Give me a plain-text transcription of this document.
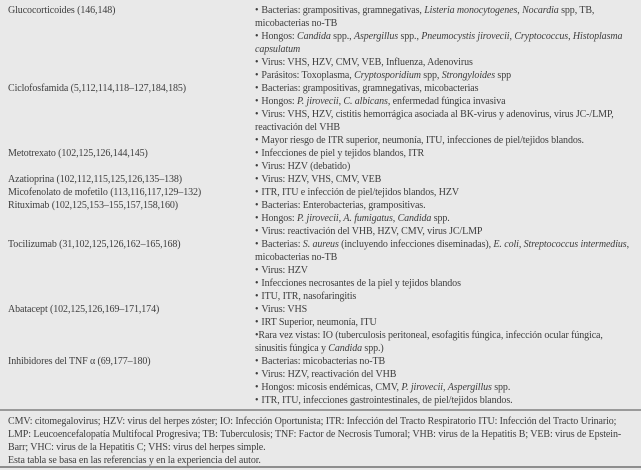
Glucocorticoides (146,148)	• Bacterias: grampositivas, gramnegativas, Listeria monocytogenes, Nocardia spp, TB, micobacterias no-TB
• Hongos: Candida spp., Aspergillus spp., Pneumocystis jirovecii, Cryptococcus, Histoplasma capsulatum
• Virus: VHS, HZV, CMV, VEB, Influenza, Adenovirus
• Parásitos: Toxoplasma, Cryptosporidium spp, Strongyloides spp
Ciclofosfamida (5,112,114,118–127,184,185)	• Bacterias: grampositivas, gramnegativas, micobacterias
• Hongos: P. jirovecii, C. albicans, enfermedad fúngica invasiva
• Virus: VHS, HZV, cistitis hemorrágica asociada al BK-virus y adenovirus, virus JC-/LMP, reactivación del VHB
• Mayor riesgo de ITR superior, neumonía, ITU, infecciones de piel/tejidos blandos.
Metotrexato (102,125,126,144,145)	• Infecciones de piel y tejidos blandos, ITR
• Virus: HZV (debatido)
Azatioprina (102,112,115,125,126,135–138)	• Virus: HZV, VHS, CMV, VEB
Micofenolato de mofetilo (113,116,117,129–132)	• ITR, ITU e infección de piel/tejidos blandos, HZV
Rituximab (102,125,153–155,157,158,160)	• Bacterias: Enterobacterias, grampositivas.
• Hongos: P. jirovecii, A. fumigatus, Candida spp.
• Virus: reactivación del VHB, HZV, CMV, virus JC/LMP
Tocilizumab (31,102,125,126,162–165,168)	• Bacterias: S. aureus (incluyendo infecciones diseminadas), E. coli, Streptococcus intermedius, micobacterias no-TB
• Virus: HZV
• Infecciones necrosantes de la piel y tejidos blandos
• ITU, ITR, nasofaringitis
Abatacept (102,125,126,169–171,174)	• Virus: VHS
• IRT Superior, neumonía, ITU
•Rara vez vistas: IO (tuberculosis peritoneal, esofagitis fúngica, infección ocular fúngica, sinusitis fúngica y Candida spp.)
Inhibidores del TNF α (69,177–180)	• Bacterias: micobacterias no-TB
• Virus: HZV, reactivación del VHB
• Hongos: micosis endémicas, CMV, P. jirovecii, Aspergillus spp.
• ITR, ITU, infecciones gastrointestinales, de piel/tejidos blandos.
CMV: citomegalovirus; HZV: virus del herpes zóster; IO: Infección Oportunista; ITR: Infección del Tracto Respiratorio ITU: Infección del Tracto Urinario; LMP: Leucoencefalopatía Multifocal Progresiva; TB: Tuberculosis; TNF: Factor de Necrosis Tumoral; VHB: virus de la Hepatitis B; VEB: virus de Epstein-Barr; VHC: virus de la Hepatitis C; VHS: virus del herpes simple.
Esta tabla se basa en las referencias y en la experiencia del autor.
